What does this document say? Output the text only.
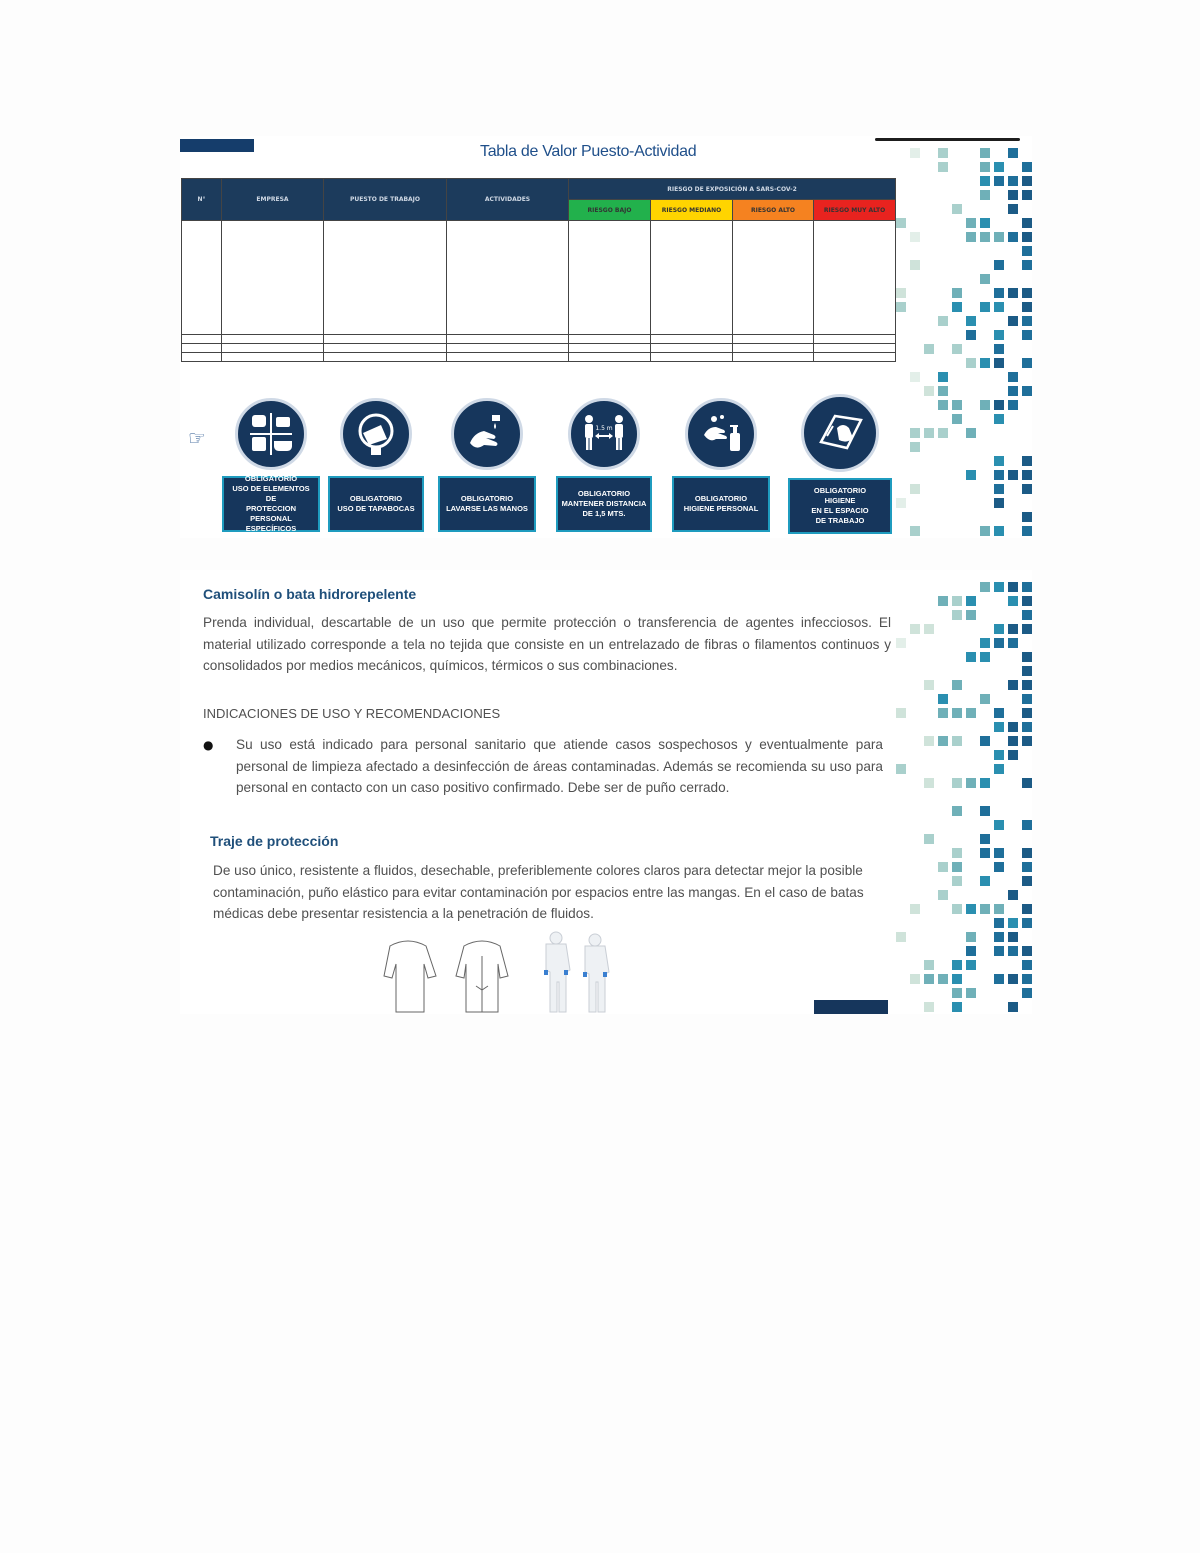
Tabla de Valor Puesto-Actividad
N°	EMPRESA	PUESTO DE TRABAJO	ACTIVIDADES	RIESGO DE EXPOSICIÓN A SARS-COV-2			
				RIESGO BAJO	RIESGO MEDIANO	RIESGO ALTO	RIESGO MUY ALTO

☞
OBLIGATORIO
USO DE ELEMENTOS DE
PROTECCION PERSONAL
ESPECÍFICOS
OBLIGATORIO
USO DE TAPABOCAS
OBLIGATORIO
LAVARSE LAS MANOS
1.5 m
OBLIGATORIO
MANTENER DISTANCIA
DE 1,5 MTS.
OBLIGATORIO
HIGIENE PERSONAL
OBLIGATORIO
HIGIENE
EN EL ESPACIO
DE TRABAJO
Camisolín o bata hidrorepelente
Prenda individual, descartable de un uso que permite protección o transferencia de agentes infecciosos. El material utilizado corresponde a tela no tejida que consiste en un entrelazado de fibras o filamentos continuos y consolidados por medios mecánicos, químicos, térmicos o sus combinaciones.
INDICACIONES DE USO Y RECOMENDACIONES
● Su uso está indicado para personal sanitario que atiende casos sospechosos y eventualmente para personal de limpieza afectado a desinfección de áreas contaminadas. Además se recomienda su uso para personal en contacto con un caso positivo confirmado. Debe ser de puño cerrado.
Traje de protección
De uso único, resistente a fluidos, desechable, preferiblemente colores claros para detectar mejor la posible contaminación, puño elástico para evitar contaminación por espacios entre las mangas. En el caso de batas médicas debe presentar resistencia a la penetración de fluidos.
